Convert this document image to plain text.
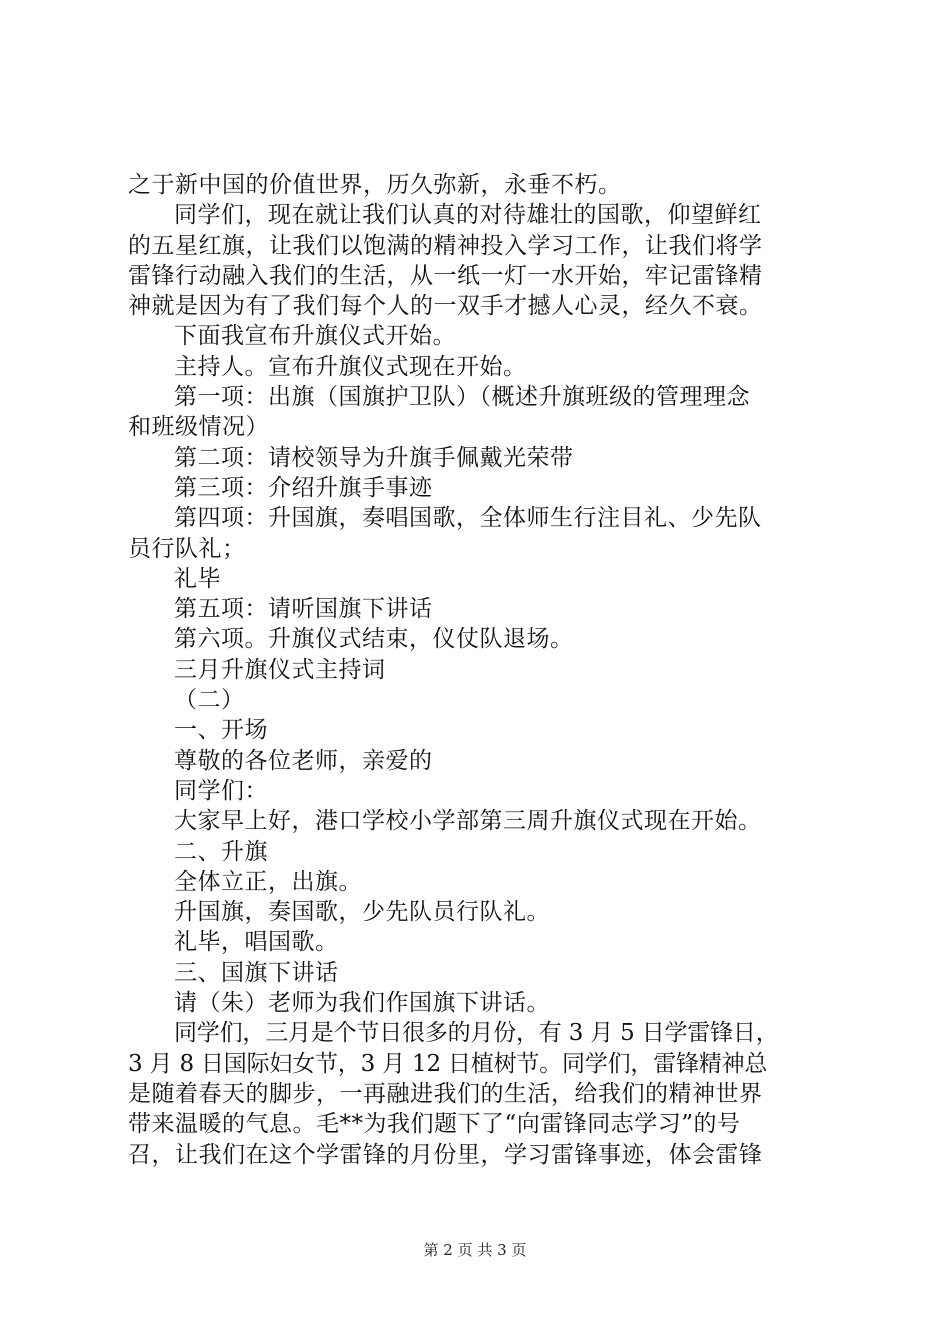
之于新中国的价值世界，历久弥新，永垂不朽。
同学们，现在就让我们认真的对待雄壮的国歌，仰望鲜红
的五星红旗，让我们以饱满的精神投入学习工作，让我们将学
雷锋行动融入我们的生活，从一纸一灯一水开始，牢记雷锋精
神就是因为有了我们每个人的一双手才撼人心灵，经久不衰。
下面我宣布升旗仪式开始。
主持人。宣布升旗仪式现在开始。
第一项：出旗（国旗护卫队）（概述升旗班级的管理理念
和班级情况）
第二项：请校领导为升旗手佩戴光荣带
第三项：介绍升旗手事迹
第四项：升国旗，奏唱国歌，全体师生行注目礼、少先队
员行队礼；
礼毕
第五项：请听国旗下讲话
第六项。升旗仪式结束，仪仗队退场。
三月升旗仪式主持词
（二）
一、开场
尊敬的各位老师，亲爱的
同学们：
大家早上好，港口学校小学部第三周升旗仪式现在开始。
二、升旗
全体立正，出旗。
升国旗，奏国歌，少先队员行队礼。
礼毕，唱国歌。
三、国旗下讲话
请（朱）老师为我们作国旗下讲话。
同学们，三月是个节日很多的月份，有 3 月 5 日学雷锋日，
3 月 8 日国际妇女节，3 月 12 日植树节。同学们，雷锋精神总
是随着春天的脚步，一再融进我们的生活，给我们的精神世界
带来温暖的气息。毛**为我们题下了“向雷锋同志学习”的号
召，让我们在这个学雷锋的月份里，学习雷锋事迹，体会雷锋
第 2 页 共 3 页
